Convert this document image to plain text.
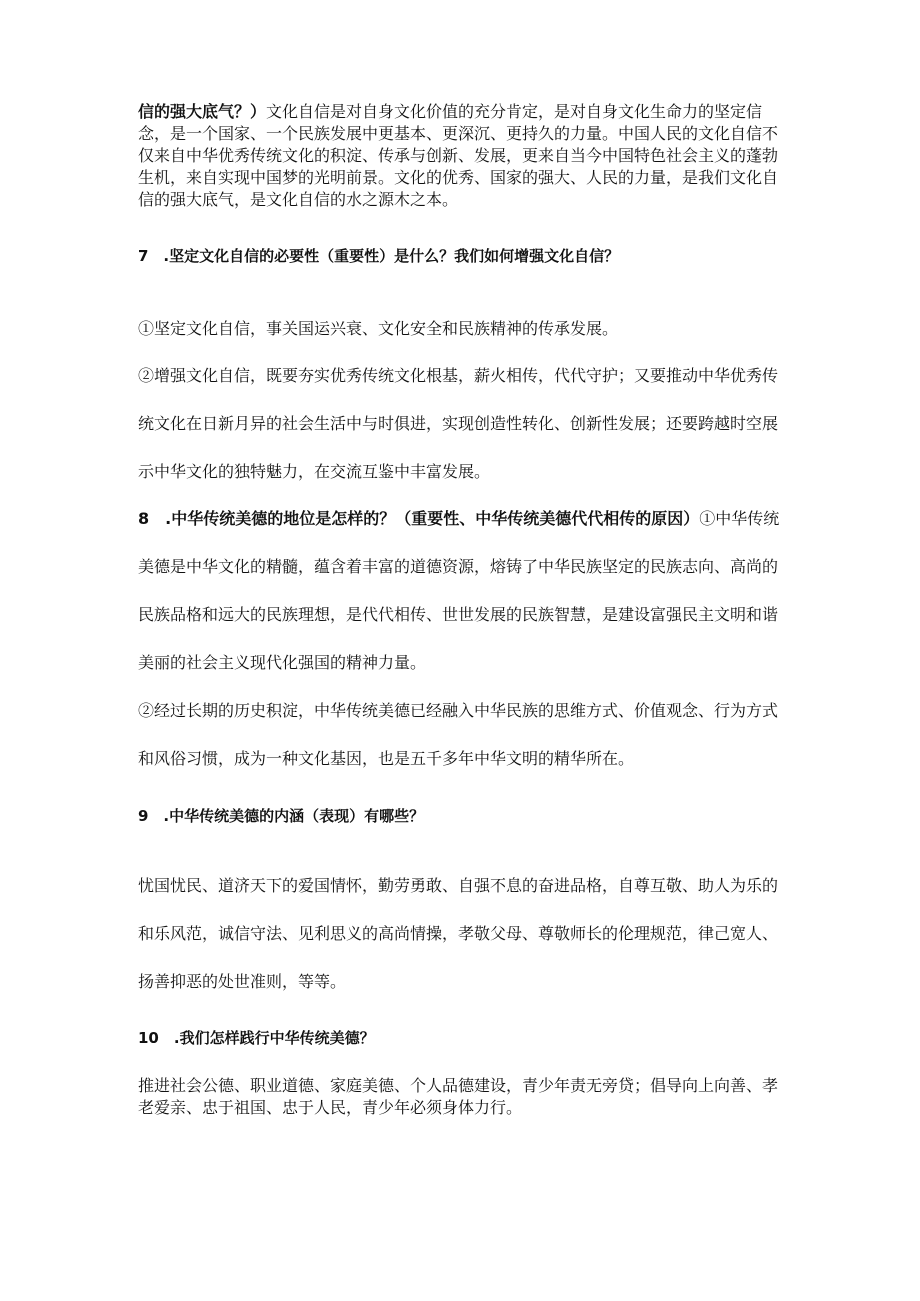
信的强大底气？）文化自信是对自身文化价值的充分肯定，是对自身文化生命力的坚定信念，是一个国家、一个民族发展中更基本、更深沉、更持久的力量。中国人民的文化自信不仅来自中华优秀传统文化的积淀、传承与创新、发展，更来自当今中国特色社会主义的蓬勃生机，来自实现中国梦的光明前景。文化的优秀、国家的强大、人民的力量，是我们文化自信的强大底气，是文化自信的水之源木之本。

7　.坚定文化自信的必要性（重要性）是什么？我们如何增强文化自信？

①坚定文化自信，事关国运兴衰、文化安全和民族精神的传承发展。

②增强文化自信，既要夯实优秀传统文化根基，薪火相传，代代守护；又要推动中华优秀传统文化在日新月异的社会生活中与时俱进，实现创造性转化、创新性发展；还要跨越时空展示中华文化的独特魅力，在交流互鉴中丰富发展。

8　.中华传统美德的地位是怎样的？（重要性、中华传统美德代代相传的原因）①中华传统美德是中华文化的精髓，蕴含着丰富的道德资源，熔铸了中华民族坚定的民族志向、高尚的民族品格和远大的民族理想，是代代相传、世世发展的民族智慧，是建设富强民主文明和谐美丽的社会主义现代化强国的精神力量。

②经过长期的历史积淀，中华传统美德已经融入中华民族的思维方式、价值观念、行为方式和风俗习惯，成为一种文化基因，也是五千多年中华文明的精华所在。

9　.中华传统美德的内涵（表现）有哪些？

忧国忧民、道济天下的爱国情怀，勤劳勇敢、自强不息的奋进品格，自尊互敬、助人为乐的和乐风范，诚信守法、见利思义的高尚情操，孝敬父母、尊敬师长的伦理规范，律己宽人、扬善抑恶的处世准则，等等。

10　.我们怎样践行中华传统美德？

推进社会公德、职业道德、家庭美德、个人品德建设，青少年责无旁贷；倡导向上向善、孝老爱亲、忠于祖国、忠于人民，青少年必须身体力行。
